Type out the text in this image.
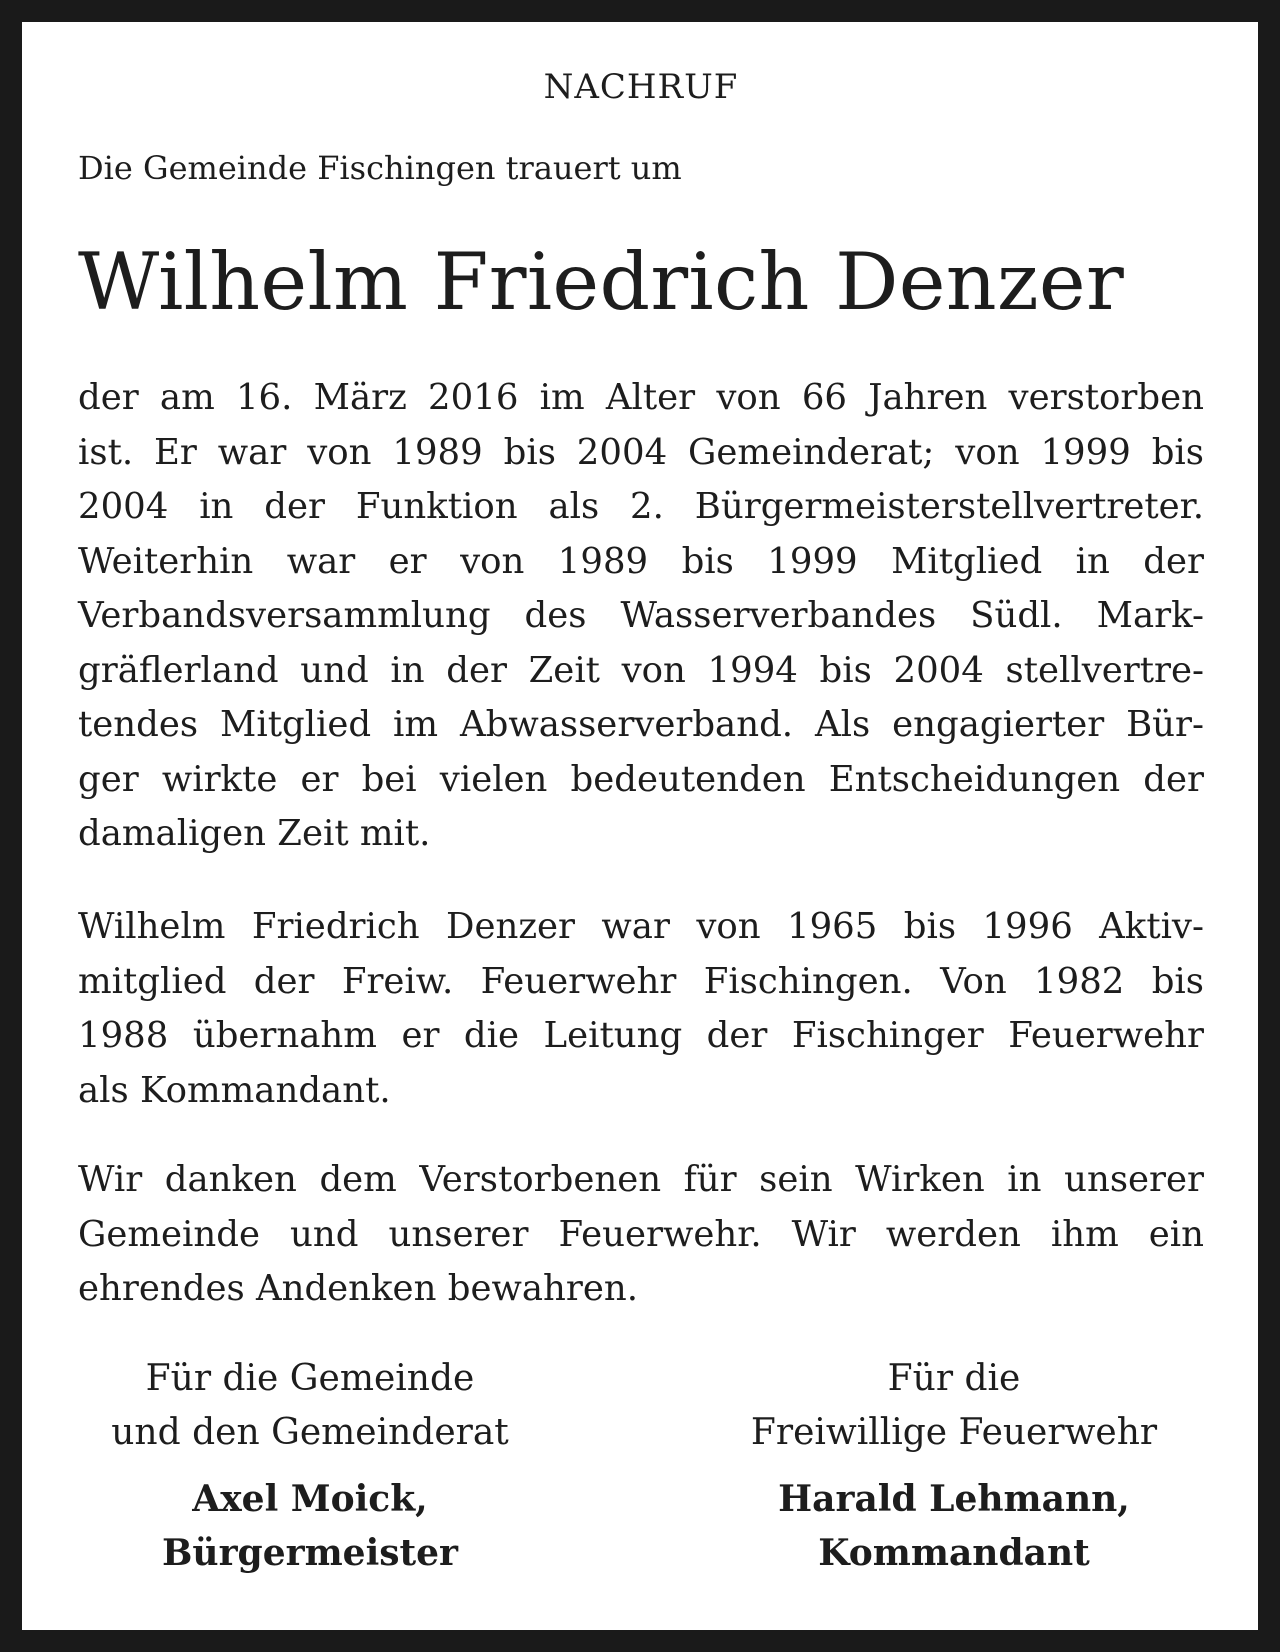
NACHRUF
Die Gemeinde Fischingen trauert um
Wilhelm Friedrich Denzer
der am 16. März 2016 im Alter von 66 Jahren verstorben
ist. Er war von 1989 bis 2004 Gemeinderat; von 1999 bis
2004 in der Funktion als 2. Bürgermeisterstellvertreter.
Weiterhin war er von 1989 bis 1999 Mitglied in der
Verbandsversammlung des Wasserverbandes Südl. Mark-
gräflerland und in der Zeit von 1994 bis 2004 stellvertre-
tendes Mitglied im Abwasserverband. Als engagierter Bür-
ger wirkte er bei vielen bedeutenden Entscheidungen der
damaligen Zeit mit.
Wilhelm Friedrich Denzer war von 1965 bis 1996 Aktiv-
mitglied der Freiw. Feuerwehr Fischingen. Von 1982 bis
1988 übernahm er die Leitung der Fischinger Feuerwehr
als Kommandant.
Wir danken dem Verstorbenen für sein Wirken in unserer
Gemeinde und unserer Feuerwehr. Wir werden ihm ein
ehrendes Andenken bewahren.
Für die Gemeinde
und den Gemeinderat
Axel Moick,
Bürgermeister
Für die
Freiwillige Feuerwehr
Harald Lehmann,
Kommandant
